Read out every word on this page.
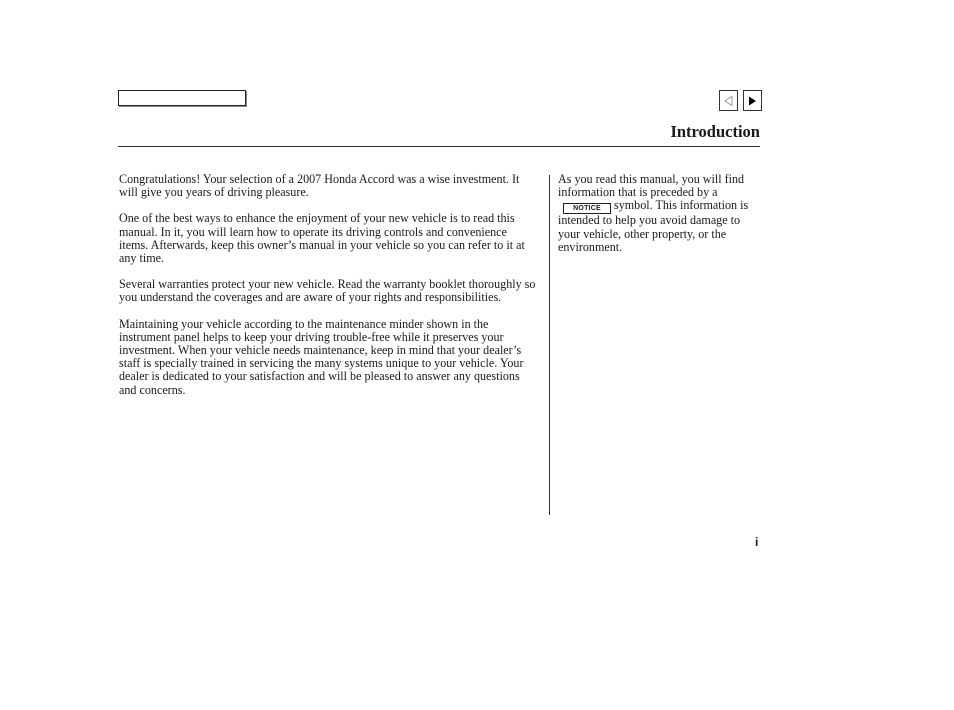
Introduction

Congratulations! Your selection of a 2007 Honda Accord was a wise investment. It will give you years of driving pleasure.

One of the best ways to enhance the enjoyment of your new vehicle is to read this manual. In it, you will learn how to operate its driving controls and convenience items. Afterwards, keep this owner’s manual in your vehicle so you can refer to it at any time.

Several warranties protect your new vehicle. Read the warranty booklet thoroughly so you understand the coverages and are aware of your rights and responsibilities.

Maintaining your vehicle according to the maintenance minder shown in the instrument panel helps to keep your driving trouble-free while it preserves your investment. When your vehicle needs maintenance, keep in mind that your dealer’s staff is specially trained in servicing the many systems unique to your vehicle. Your dealer is dedicated to your satisfaction and will be pleased to answer any questions and concerns.

As you read this manual, you will find information that is preceded by aNOTICE symbol. This information is intended to help you avoid damage to your vehicle, other property, or the environment.

i
